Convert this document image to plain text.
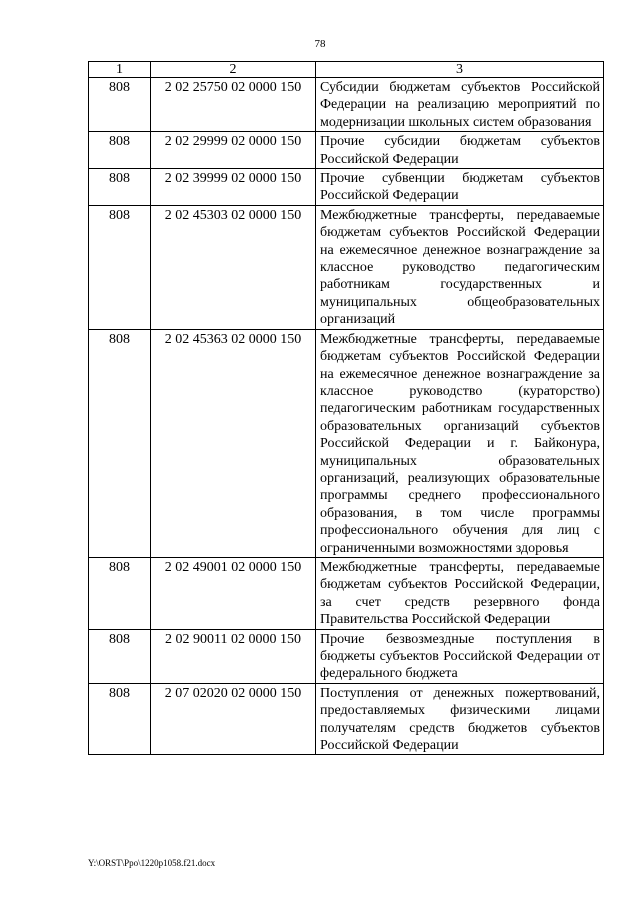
78
1	2	3
808	2 02 25750 02 0000 150	Субсидии бюджетам субъектов Российской Федерации на реализацию мероприятий по модернизации школьных систем образования
808	2 02 29999 02 0000 150	Прочие субсидии бюджетам субъектов Российской Федерации
808	2 02 39999 02 0000 150	Прочие субвенции бюджетам субъектов Российской Федерации
808	2 02 45303 02 0000 150	Межбюджетные трансферты, передаваемые бюджетам субъектов Российской Федерации на ежемесячное денежное вознаграждение за классное руководство педагогическим работникам государственных и муниципальных общеобразовательных организаций
808	2 02 45363 02 0000 150	Межбюджетные трансферты, передаваемые бюджетам субъектов Российской Федерации на ежемесячное денежное вознаграждение за классное руководство (кураторство) педагогическим работникам государственных образовательных организаций субъектов Российской Федерации и г. Байконура, муниципальных образовательных организаций, реализующих образовательные программы среднего профессионального образования, в том числе программы профессионального обучения для лиц с ограниченными возможностями здоровья
808	2 02 49001 02 0000 150	Межбюджетные трансферты, передаваемые бюджетам субъектов Российской Федерации, за счет средств резервного фонда Правительства Российской Федерации
808	2 02 90011 02 0000 150	Прочие безвозмездные поступления в бюджеты субъектов Российской Федерации от федерального бюджета
808	2 07 02020 02 0000 150	Поступления от денежных пожертвований, предоставляемых физическими лицами получателям средств бюджетов субъектов Российской Федерации
Y:\ORST\Ppo\1220p1058.f21.docx
